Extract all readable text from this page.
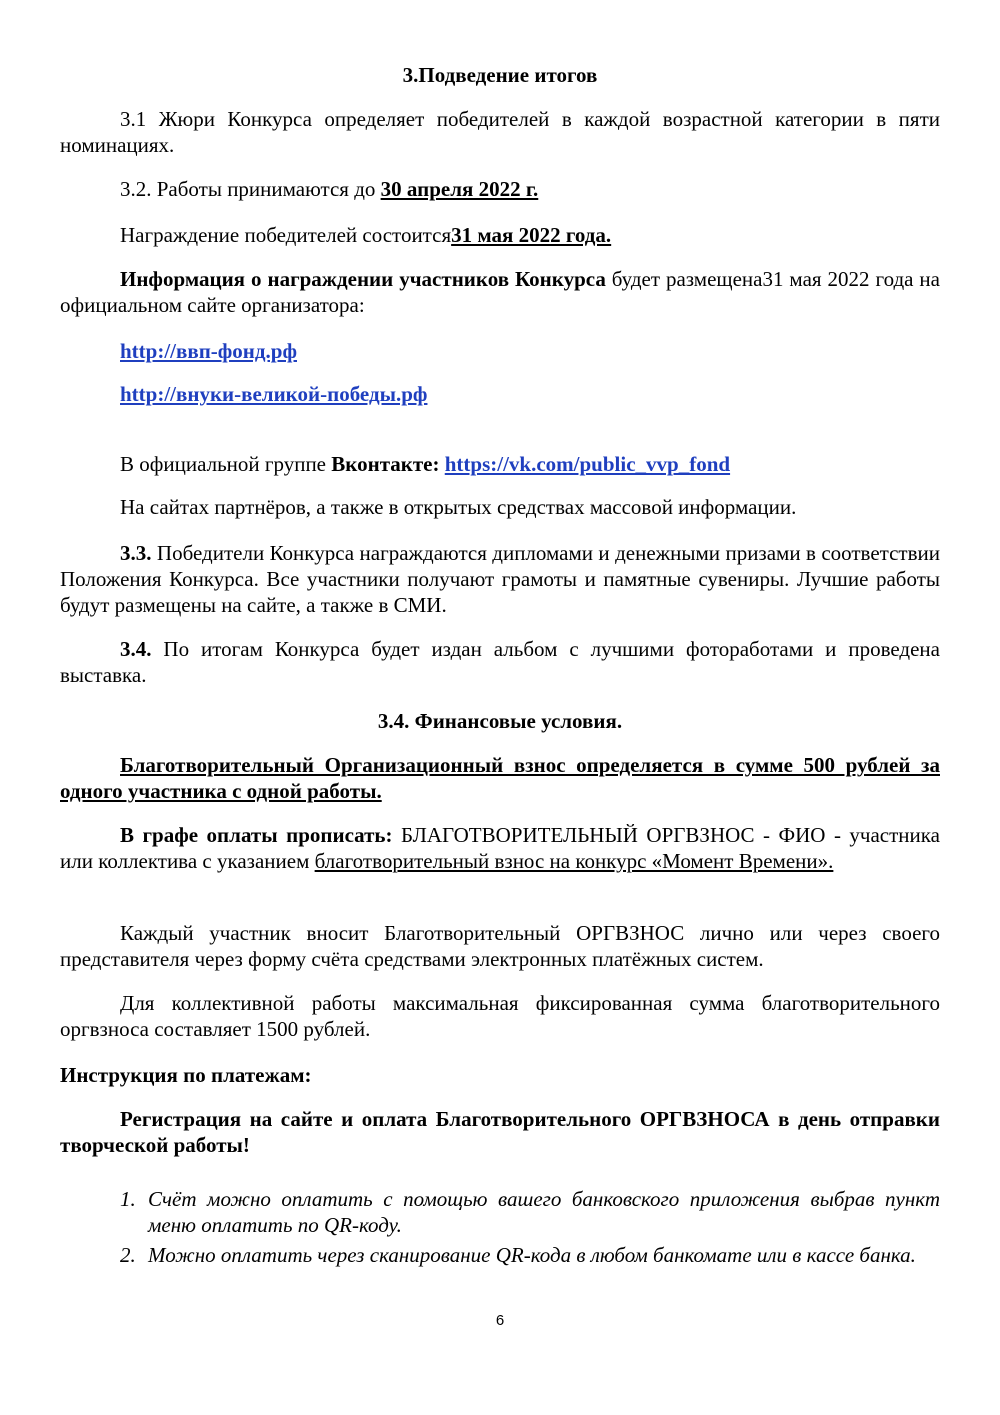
3.Подведение итогов
3.1 Жюри Конкурса определяет победителей в каждой возрастной категории в пяти номинациях.
3.2. Работы принимаются до 30 апреля 2022 г.
Награждение победителей состоится31 мая 2022 года.
Информация о награждении участников Конкурса будет размещена31 мая 2022 года на официальном сайте организатора:
http://ввп-фонд.рф
http://внуки-великой-победы.рф
В официальной группе Вконтакте: https://vk.com/public_vvp_fond
На сайтах партнёров, а также в открытых средствах массовой информации.
3.3. Победители Конкурса награждаются дипломами и денежными призами в соответствии Положения Конкурса. Все участники получают грамоты и памятные сувениры. Лучшие работы будут размещены на сайте, а также в СМИ.
3.4. По итогам Конкурса будет издан альбом с лучшими фотоработами и проведена выставка.
3.4. Финансовые условия.
Благотворительный Организационный взнос определяется в сумме 500 рублей за одного участника с одной работы.
В графе оплаты прописать: БЛАГОТВОРИТЕЛЬНЫЙ ОРГВЗНОС - ФИО - участника или коллектива с указанием благотворительный взнос на конкурс «Момент Времени».
Каждый участник вносит Благотворительный ОРГВЗНОС лично или через своего представителя через форму счёта средствами электронных платёжных систем.
Для коллективной работы максимальная фиксированная сумма благотворительного оргвзноса составляет 1500 рублей.
Инструкция по платежам:
Регистрация на сайте и оплата Благотворительного ОРГВЗНОСА в день отправки творческой работы!
1. Счёт можно оплатить с помощью вашего банковского приложения выбрав пункт меню оплатить по QR-коду.
2. Можно оплатить через сканирование QR-кода в любом банкомате или в кассе банка.
6
